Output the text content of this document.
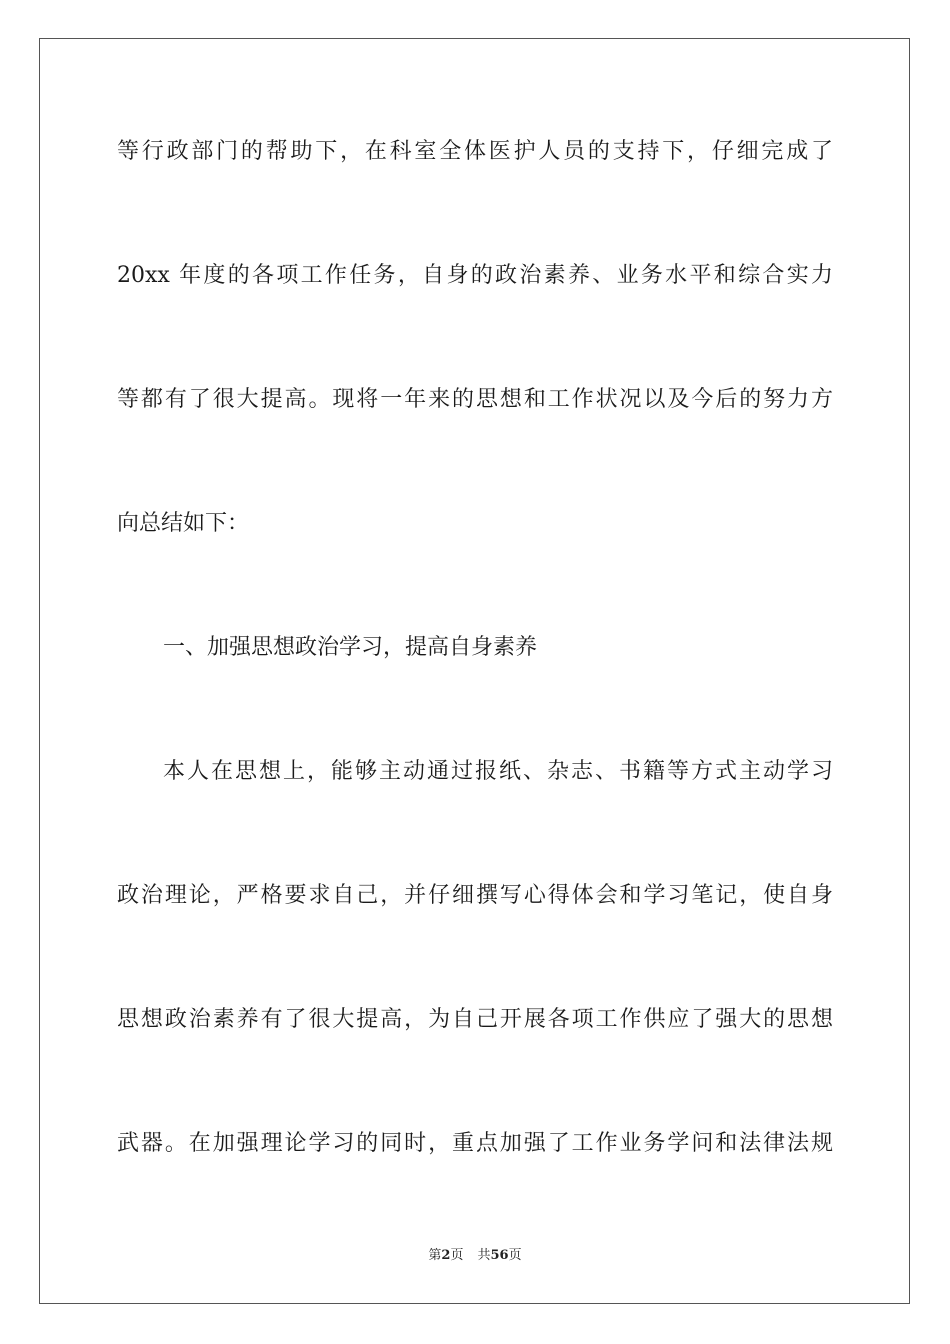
等行政部门的帮助下，在科室全体医护人员的支持下，仔细完成了
20xx 年度的各项工作任务，自身的政治素养、业务水平和综合实力
等都有了很大提高。现将一年来的思想和工作状况以及今后的努力方
向总结如下：
一、加强思想政治学习，提高自身素养
本人在思想上，能够主动通过报纸、杂志、书籍等方式主动学习
政治理论，严格要求自己，并仔细撰写心得体会和学习笔记，使自身
思想政治素养有了很大提高，为自己开展各项工作供应了强大的思想
武器。在加强理论学习的同时，重点加强了工作业务学问和法律法规
第2页 共56页
